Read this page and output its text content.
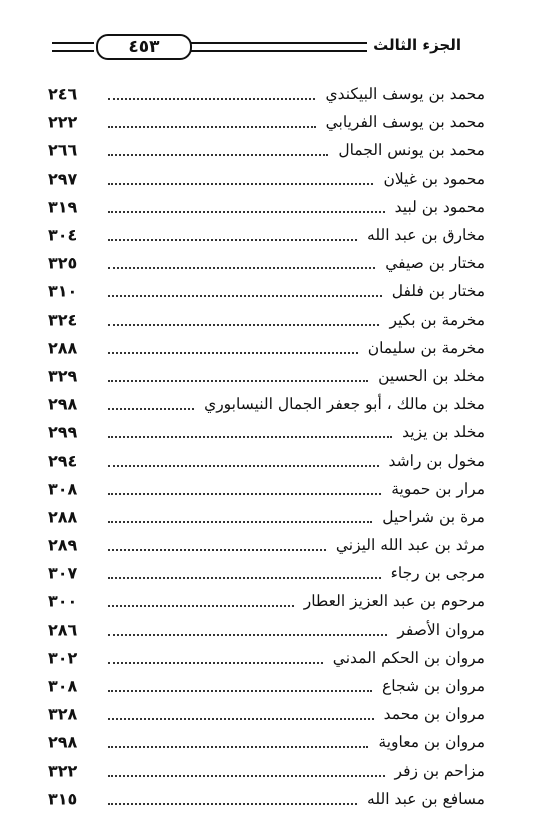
٤٥٣	الجزء الثالث
محمد بن يوسف البيكندي
٢٤٦
محمد بن يوسف الفريابي
٢٢٢
محمد بن يونس الجمال
٢٦٦
محمود بن غيلان
٢٩٧
محمود بن لبيد
٣١٩
مخارق بن عبد الله
٣٠٤
مختار بن صيفي
٣٢٥
مختار بن فلفل
٣١٠
مخرمة بن بكير
٣٢٤
مخرمة بن سليمان
٢٨٨
مخلد بن الحسين
٣٢٩
مخلد بن مالك ، أبو جعفر الجمال النيسابوري
٢٩٨
مخلد بن يزيد
٢٩٩
مخول بن راشد
٢٩٤
مرار بن حموية
٣٠٨
مرة بن شراحيل
٢٨٨
مرثد بن عبد الله اليزني
٢٨٩
مرجى بن رجاء
٣٠٧
مرحوم بن عبد العزيز العطار
٣٠٠
مروان الأصفر
٢٨٦
مروان بن الحكم المدني
٣٠٢
مروان بن شجاع
٣٠٨
مروان بن محمد
٣٢٨
مروان بن معاوية
٢٩٨
مزاحم بن زفر
٣٢٢
مسافع بن عبد الله
٣١٥
